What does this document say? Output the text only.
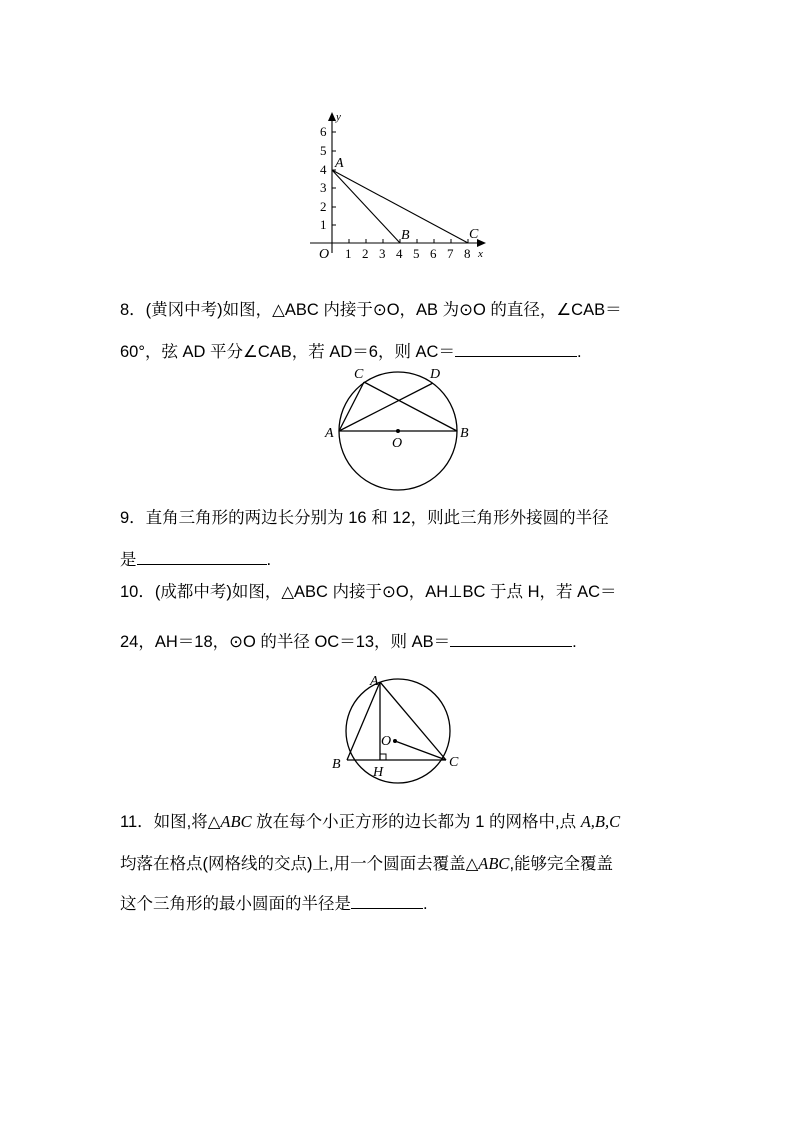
1 2 3 4 5 6 7 8
1
2
3
4
5
6
O	x
y
A
B	C
8．(黄冈中考)如图，△ABC 内接于⊙O，AB 为⊙O 的直径，∠CAB＝
60°，弦 AD 平分∠CAB，若 AD＝6，则 AC＝	.
A	B
C	D
O
9．直角三角形的两边长分别为 16 和 12，则此三角形外接圆的半径
是	.
10．(成都中考)如图，△ABC 内接于⊙O，AH⊥BC 于点 H，若 AC＝
24，AH＝18，⊙O 的半径 OC＝13，则 AB＝	.
A
B	C
H
O
11．如图,将△ABC 放在每个小正方形的边长都为 1 的网格中,点 A,B,C
均落在格点(网格线的交点)上,用一个圆面去覆盖△ABC,能够完全覆盖
这个三角形的最小圆面的半径是	.
